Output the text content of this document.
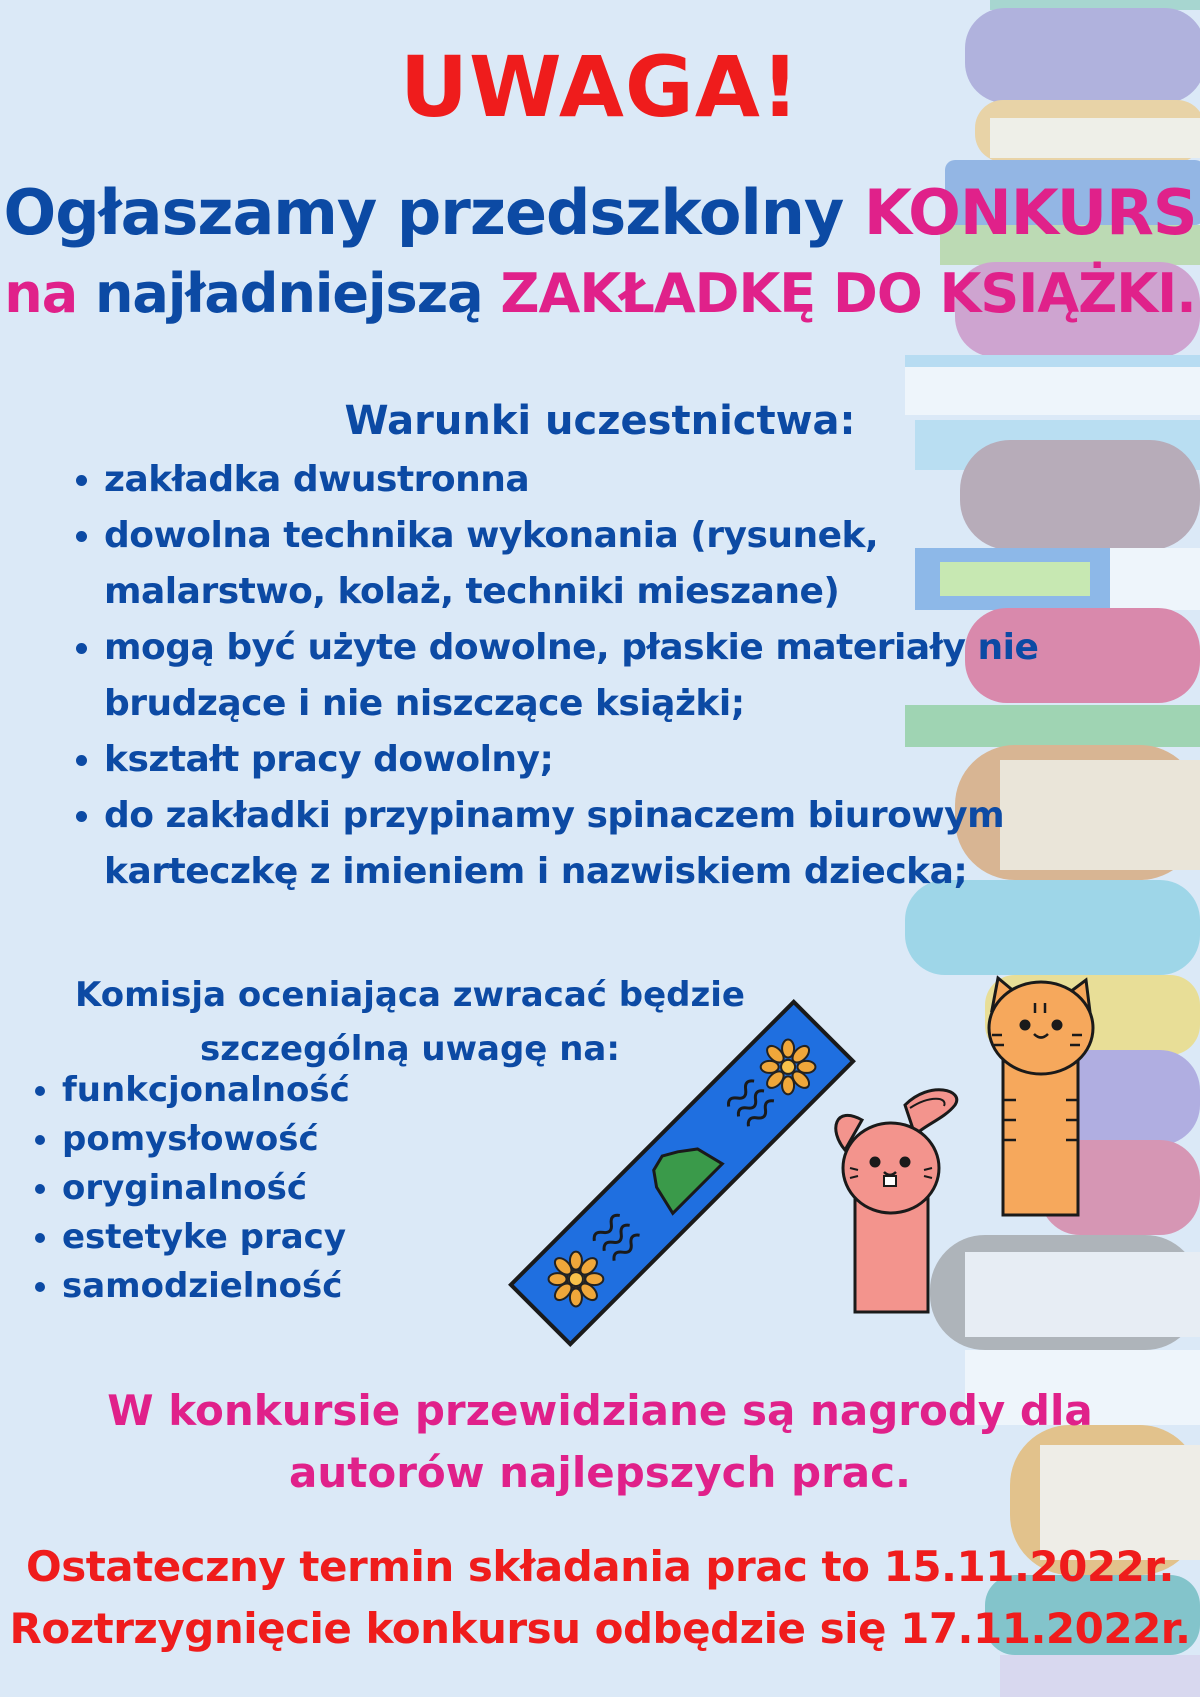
UWAGA!
Ogłaszamy przedszkolny KONKURS
na najładniejszą ZAKŁADKĘ DO KSIĄŻKI.
Warunki uczestnictwa:
• zakładka dwustronna
• dowolna technika wykonania (rysunek, malarstwo, kolaż, techniki mieszane)
• mogą być użyte dowolne, płaskie materiały nie brudzące i nie niszczące książki;
• kształt pracy dowolny;
• do zakładki przypinamy spinaczem biurowym karteczkę z imieniem i nazwiskiem dziecka;
Komisja oceniająca zwracać będzie
szczególną uwagę na:
• funkcjonalność
• pomysłowość
• oryginalność
• estetyke pracy
• samodzielność
W konkursie przewidziane są nagrody dla
autorów najlepszych prac.
Ostateczny termin składania prac to 15.11.2022r.
Roztrzygnięcie konkursu odbędzie się 17.11.2022r.
